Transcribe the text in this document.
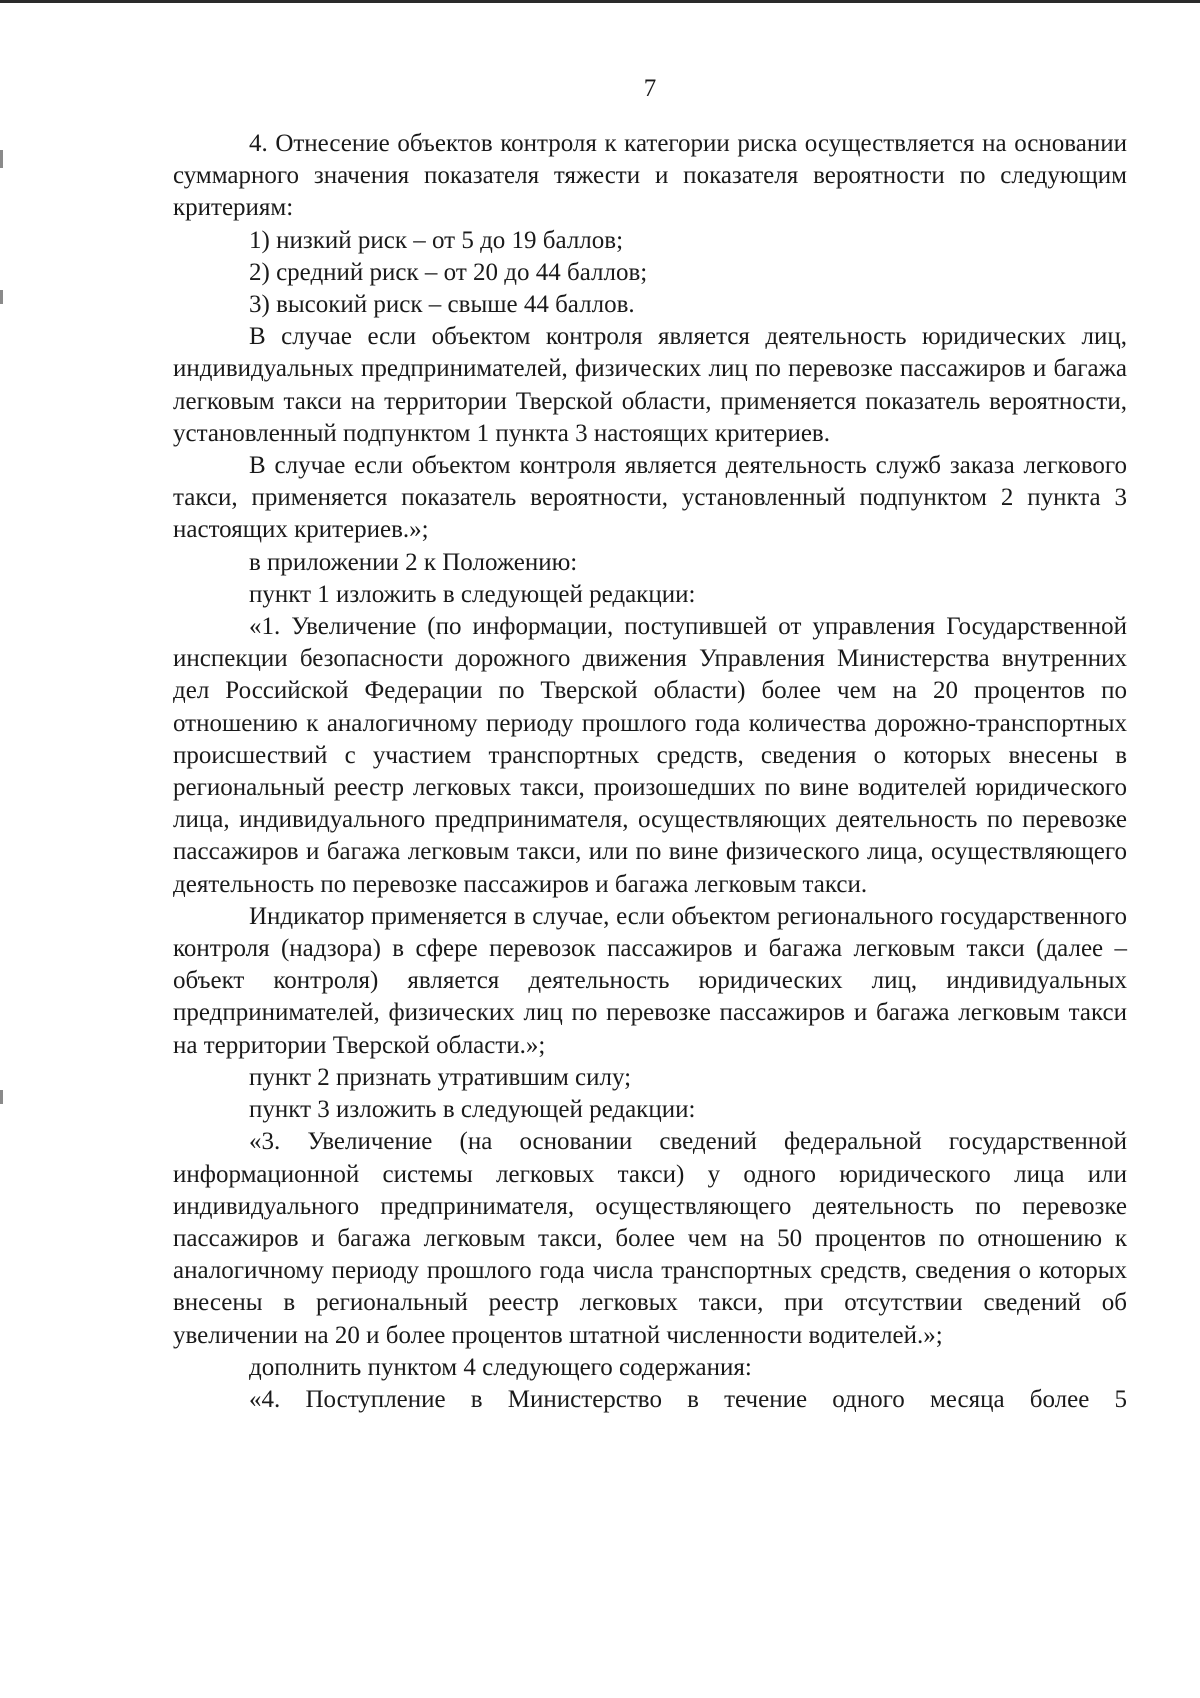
7

4. Отнесение объектов контроля к категории риска осуществляется на основании суммарного значения показателя тяжести и показателя вероятности по следующим критериям:

1) низкий риск – от 5 до 19 баллов;

2) средний риск – от 20 до 44 баллов;

3) высокий риск – свыше 44 баллов.

В случае если объектом контроля является деятельность юридических лиц, индивидуальных предпринимателей, физических лиц по перевозке пассажиров и багажа легковым такси на территории Тверской области, применяется показатель вероятности, установленный подпунктом 1 пункта 3 настоящих критериев.

В случае если объектом контроля является деятельность служб заказа легкового такси, применяется показатель вероятности, установленный подпунктом 2 пункта 3 настоящих критериев.»;

в приложении 2 к Положению:

пункт 1 изложить в следующей редакции:

«1. Увеличение (по информации, поступившей от управления Государственной инспекции безопасности дорожного движения Управления Министерства внутренних дел Российской Федерации по Тверской области) более чем на 20 процентов по отношению к аналогичному периоду прошлого года количества дорожно-транспортных происшествий с участием транспортных средств, сведения о которых внесены в региональный реестр легковых такси, произошедших по вине водителей юридического лица, индивидуального предпринимателя, осуществляющих деятельность по перевозке пассажиров и багажа легковым такси, или по вине физического лица, осуществляющего деятельность по перевозке пассажиров и багажа легковым такси.

Индикатор применяется в случае, если объектом регионального государственного контроля (надзора) в сфере перевозок пассажиров и багажа легковым такси (далее – объект контроля) является деятельность юридических лиц, индивидуальных предпринимателей, физических лиц по перевозке пассажиров и багажа легковым такси на территории Тверской области.»;

пункт 2 признать утратившим силу;

пункт 3 изложить в следующей редакции:

«3. Увеличение (на основании сведений федеральной государственной информационной системы легковых такси) у одного юридического лица или индивидуального предпринимателя, осуществляющего деятельность по перевозке пассажиров и багажа легковым такси, более чем на 50 процентов по отношению к аналогичному периоду прошлого года числа транспортных средств, сведения о которых внесены в региональный реестр легковых такси, при отсутствии сведений об увеличении на 20 и более процентов штатной численности водителей.»;

дополнить пунктом 4 следующего содержания:

«4. Поступление в Министерство в течение одного месяца более 5
